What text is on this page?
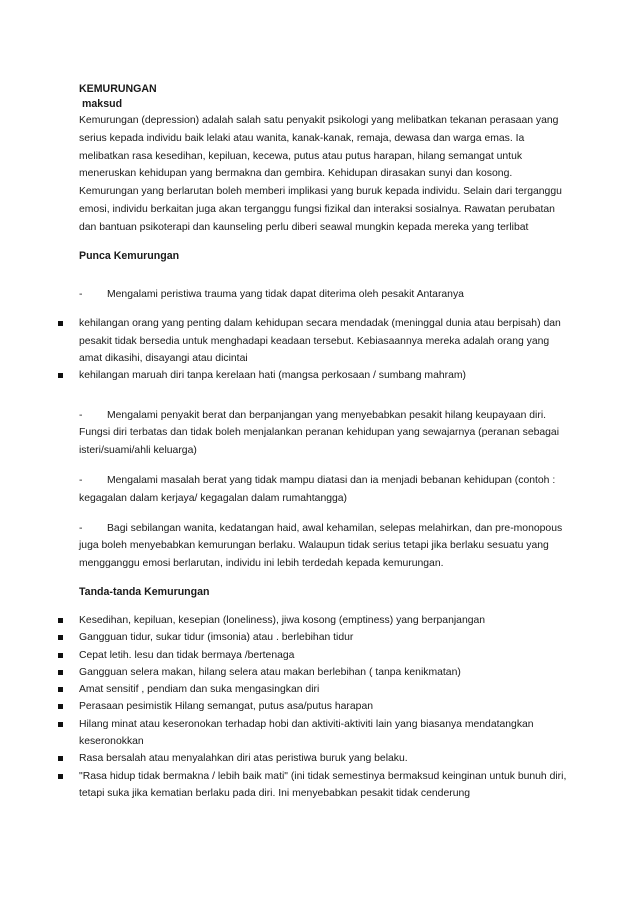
KEMURUNGAN

maksud

Kemurungan (depression) adalah salah satu penyakit psikologi yang melibatkan tekanan perasaan yang serius kepada individu baik lelaki atau wanita, kanak-kanak, remaja, dewasa dan warga emas. Ia melibatkan rasa kesedihan, kepiluan, kecewa, putus atau putus harapan, hilang semangat untuk meneruskan kehidupan yang bermakna dan gembira. Kehidupan dirasakan sunyi dan kosong. Kemurungan yang berlarutan boleh memberi implikasi yang buruk kepada individu. Selain dari terganggu emosi, individu berkaitan juga akan terganggu fungsi fizikal dan interaksi sosialnya. Rawatan perubatan dan bantuan psikoterapi dan kaunseling perlu diberi seawal mungkin kepada mereka yang terlibat

Punca Kemurungan

- Mengalami peristiwa trauma yang tidak dapat diterima oleh pesakit Antaranya

kehilangan orang yang penting dalam kehidupan secara mendadak (meninggal dunia atau berpisah) dan pesakit tidak bersedia untuk menghadapi keadaan tersebut. Kebiasaannya mereka adalah orang yang amat dikasihi, disayangi atau dicintai
kehilangan maruah diri tanpa kerelaan hati (mangsa perkosaan / sumbang mahram)

- Mengalami penyakit berat dan berpanjangan yang menyebabkan pesakit hilang keupayaan diri. Fungsi diri terbatas dan tidak boleh menjalankan peranan kehidupan yang sewajarnya (peranan sebagai isteri/suami/ahli keluarga)

- Mengalami masalah berat yang tidak mampu diatasi dan ia menjadi bebanan kehidupan (contoh : kegagalan dalam kerjaya/ kegagalan dalam rumahtangga)

- Bagi sebilangan wanita, kedatangan haid, awal kehamilan, selepas melahirkan, dan pre-monopous juga boleh menyebabkan kemurungan berlaku. Walaupun tidak serius tetapi jika berlaku sesuatu yang mengganggu emosi berlarutan, individu ini lebih terdedah kepada kemurungan.

Tanda-tanda Kemurungan

Kesedihan, kepiluan, kesepian (loneliness), jiwa kosong (emptiness) yang berpanjangan
Gangguan tidur, sukar tidur (imsonia) atau . berlebihan tidur
Cepat letih. lesu dan tidak bermaya /bertenaga
Gangguan selera makan, hilang selera atau makan berlebihan ( tanpa kenikmatan)
Amat sensitif , pendiam dan suka mengasingkan diri
Perasaan pesimistik Hilang semangat, putus asa/putus harapan
Hilang minat atau keseronokan terhadap hobi dan aktiviti-aktiviti lain yang biasanya mendatangkan keseronokkan
Rasa bersalah atau menyalahkan diri atas peristiwa buruk yang belaku.
"Rasa hidup tidak bermakna / lebih baik mati" (ini tidak semestinya bermaksud keinginan untuk bunuh diri, tetapi suka jika kematian berlaku pada diri. Ini menyebabkan pesakit tidak cenderung
